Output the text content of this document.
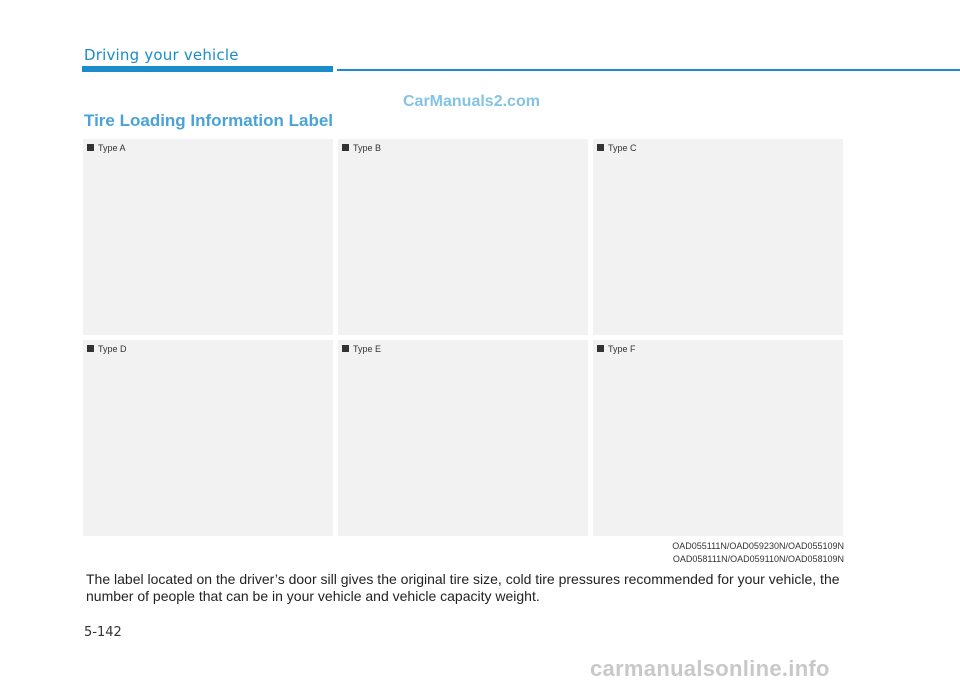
Driving your vehicle
CarManuals2.com
Tire Loading Information Label
Type A	Type B	Type C
Type D	Type E	Type F
OAD055111N/OAD059230N/OAD055109N
OAD058111N/OAD059110N/OAD058109N
The label located on the driver’s door sill gives the original tire size, cold tire pressures recommended for your vehicle, the number of people that can be in your vehicle and vehicle capacity weight.
5-142
carmanualsonline.info
